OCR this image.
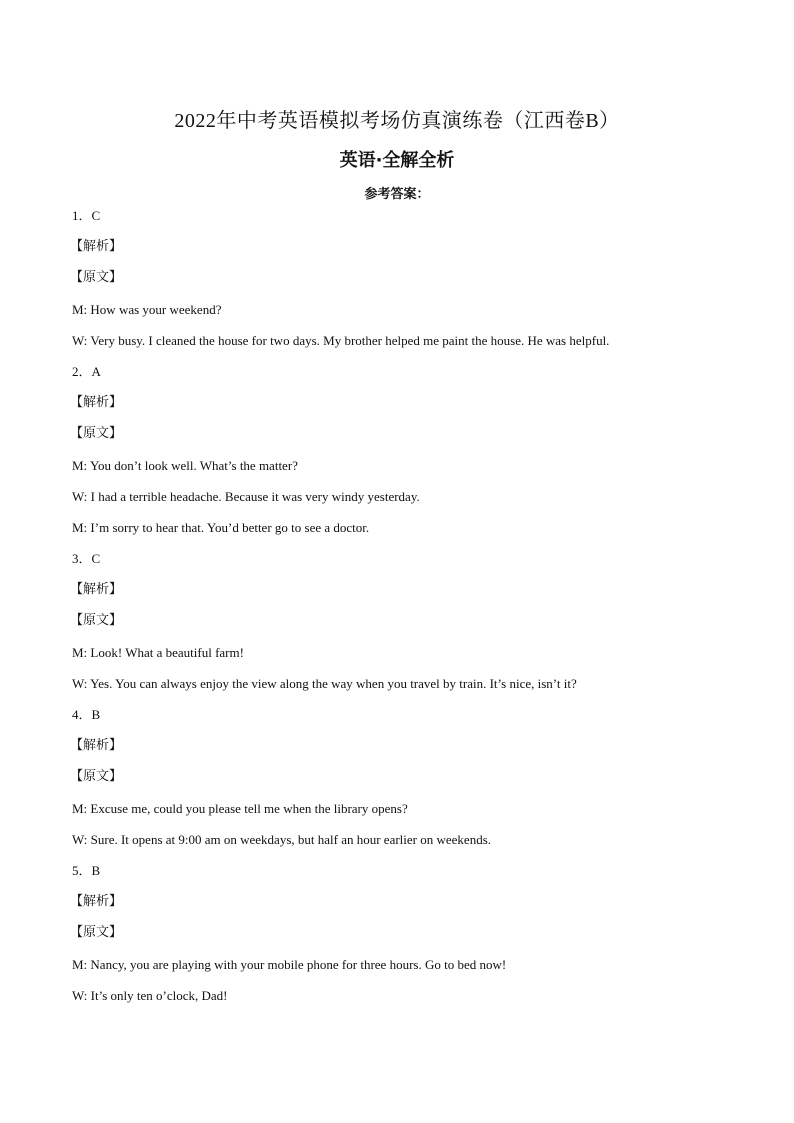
2022年中考英语模拟考场仿真演练卷（江西卷B）
英语·全解全析
参考答案：
1．C
【解析】
【原文】
M: How was your weekend?
W: Very busy. I cleaned the house for two days. My brother helped me paint the house. He was helpful.
2．A
【解析】
【原文】
M: You don’t look well. What’s the matter?
W: I had a terrible headache. Because it was very windy yesterday.
M: I’m sorry to hear that. You’d better go to see a doctor.
3．C
【解析】
【原文】
M: Look! What a beautiful farm!
W: Yes. You can always enjoy the view along the way when you travel by train. It’s nice, isn’t it?
4．B
【解析】
【原文】
M: Excuse me, could you please tell me when the library opens?
W: Sure. It opens at 9:00 am on weekdays, but half an hour earlier on weekends.
5．B
【解析】
【原文】
M: Nancy, you are playing with your mobile phone for three hours. Go to bed now!
W: It’s only ten o’clock, Dad!
